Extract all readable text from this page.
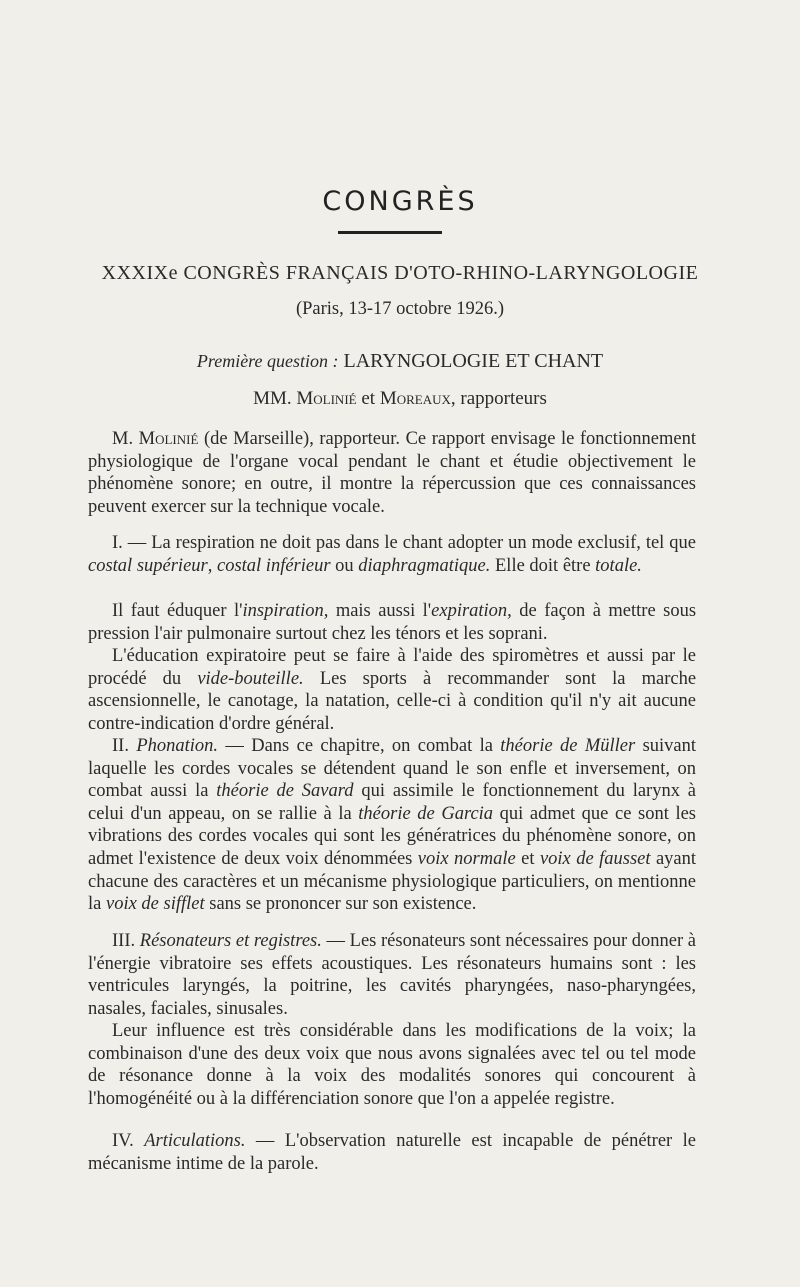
CONGRÈS
XXXIXe CONGRÈS FRANÇAIS D'OTO-RHINO-LARYNGOLOGIE
(Paris, 13-17 octobre 1926.)
Première question : LARYNGOLOGIE ET CHANT
MM. Molinié et Moreaux, rapporteurs

M. Molinié (de Marseille), rapporteur. Ce rapport envisage le fonctionnement physiologique de l'organe vocal pendant le chant et étudie objectivement le phénomène sonore; en outre, il montre la répercussion que ces connaissances peuvent exercer sur la technique vocale.

I. — La respiration ne doit pas dans le chant adopter un mode exclusif, tel que costal supérieur, costal inférieur ou diaphragmatique. Elle doit être totale.

Il faut éduquer l'inspiration, mais aussi l'expiration, de façon à mettre sous pression l'air pulmonaire surtout chez les ténors et les soprani.

L'éducation expiratoire peut se faire à l'aide des spiromètres et aussi par le procédé du vide-bouteille. Les sports à recommander sont la marche ascensionnelle, le canotage, la natation, celle-ci à condition qu'il n'y ait aucune contre-indication d'ordre général.

II. Phonation. — Dans ce chapitre, on combat la théorie de Müller suivant laquelle les cordes vocales se détendent quand le son enfle et inversement, on combat aussi la théorie de Savard qui assimile le fonctionnement du larynx à celui d'un appeau, on se rallie à la théorie de Garcia qui admet que ce sont les vibrations des cordes vocales qui sont les génératrices du phénomène sonore, on admet l'existence de deux voix dénommées voix normale et voix de fausset ayant chacune des caractères et un mécanisme physiologique particuliers, on mentionne la voix de sifflet sans se prononcer sur son existence.

III. Résonateurs et registres. — Les résonateurs sont nécessaires pour donner à l'énergie vibratoire ses effets acoustiques. Les résonateurs humains sont : les ventricules laryngés, la poitrine, les cavités pharyngées, naso-pharyngées, nasales, faciales, sinusales.

Leur influence est très considérable dans les modifications de la voix; la combinaison d'une des deux voix que nous avons signalées avec tel ou tel mode de résonance donne à la voix des modalités sonores qui concourent à l'homogénéité ou à la différenciation sonore que l'on a appelée registre.

IV. Articulations. — L'observation naturelle est incapable de pénétrer le mécanisme intime de la parole.
